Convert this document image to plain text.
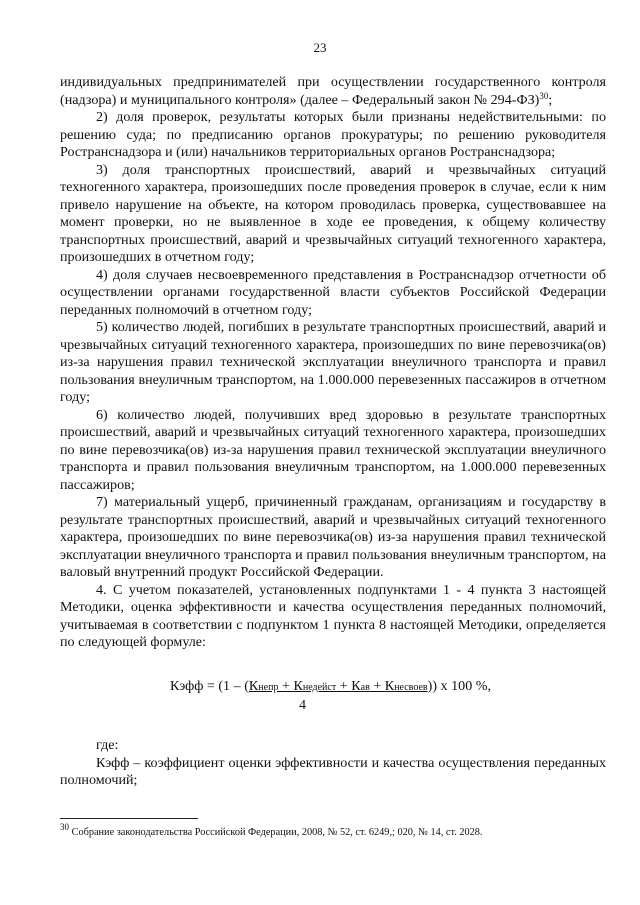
23

индивидуальных предпринимателей при осуществлении государственного контроля (надзора) и муниципального контроля» (далее – Федеральный закон № 294-ФЗ)$^{30}$;

2) доля проверок, результаты которых были признаны недействительными: по решению суда; по предписанию органов прокуратуры; по решению руководителя Ространснадзора и (или) начальников территориальных органов Ространснадзора;

3) доля транспортных происшествий, аварий и чрезвычайных ситуаций техногенного характера, произошедших после проведения проверок в случае, если к ним привело нарушение на объекте, на котором проводилась проверка, существовавшее на момент проверки, но не выявленное в ходе ее проведения, к общему количеству транспортных происшествий, аварий и чрезвычайных ситуаций техногенного характера, произошедших в отчетном году;

4) доля случаев несвоевременного представления в Ространснадзор отчетности об осуществлении органами государственной власти субъектов Российской Федерации переданных полномочий в отчетном году;

5) количество людей, погибших в результате транспортных происшествий, аварий и чрезвычайных ситуаций техногенного характера, произошедших по вине перевозчика(ов) из-за нарушения правил технической эксплуатации внеуличного транспорта и правил пользования внеуличным транспортом, на 1.000.000 перевезенных пассажиров в отчетном году;

6) количество людей, получивших вред здоровью в результате транспортных происшествий, аварий и чрезвычайных ситуаций техногенного характера, произошедших по вине перевозчика(ов) из-за нарушения правил технической эксплуатации внеуличного транспорта и правил пользования внеуличным транспортом, на 1.000.000 перевезенных пассажиров;

7) материальный ущерб, причиненный гражданам, организациям и государству в результате транспортных происшествий, аварий и чрезвычайных ситуаций техногенного характера, произошедших по вине перевозчика(ов) из-за нарушения правил технической эксплуатации внеуличного транспорта и правил пользования внеуличным транспортом, на валовый внутренний продукт Российской Федерации.

4. С учетом показателей, установленных подпунктами 1 - 4 пункта 3 настоящей Методики, оценка эффективности и качества осуществления переданных полномочий, учитываемая в соответствии с подпунктом 1 пункта 8 настоящей Методики, определяется по следующей формуле:

Кэфф = (1 – (Кнепр + Кнедейст + Кав + Кнесвоев)) х 100 %,
4

где:

Кэфф – коэффициент оценки эффективности и качества осуществления переданных полномочий;

$^{30}$ Собрание законодательства Российской Федерации, 2008, № 52, ст. 6249,; 020, № 14, ст. 2028.
